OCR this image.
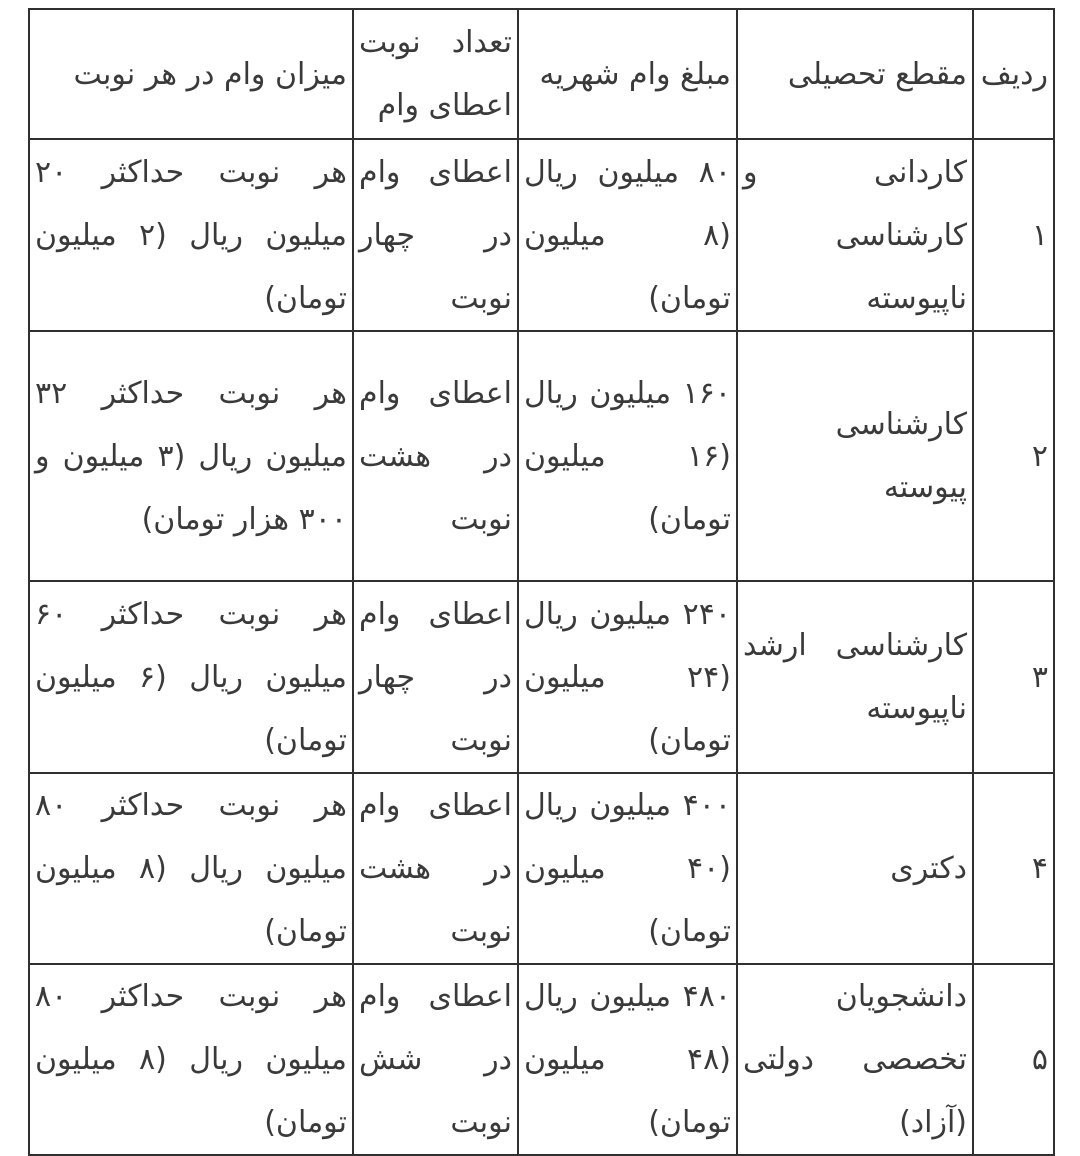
ردیف	مقطع تحصیلی	مبلغ وام شهریه	تعداد نوبت اعطای وام	میزان وام در هر نوبت
۱	کاردانی و کارشناسی ناپیوسته	۸۰ میلیون ریال (۸ میلیون تومان)	اعطای وام در چهار نوبت	هر نوبت حداکثر ۲۰ میلیون ریال (۲ میلیون تومان)
۲	کارشناسی پیوسته	۱۶۰ میلیون ریال (۱۶ میلیون تومان)	اعطای وام در هشت نوبت	هر نوبت حداکثر ۳۲ میلیون ریال (۳ میلیون و ۳۰۰ هزار تومان)
۳	کارشناسی ارشد ناپیوسته	۲۴۰ میلیون ریال (۲۴ میلیون تومان)	اعطای وام در چهار نوبت	هر نوبت حداکثر ۶۰ میلیون ریال (۶ میلیون تومان)
۴	دکتری	۴۰۰ میلیون ریال (۴۰ میلیون تومان)	اعطای وام در هشت نوبت	هر نوبت حداکثر ۸۰ میلیون ریال (۸ میلیون تومان)
۵	دانشجویان تخصصی دولتی (آزاد)	۴۸۰ میلیون ریال (۴۸ میلیون تومان)	اعطای وام در شش نوبت	هر نوبت حداکثر ۸۰ میلیون ریال (۸ میلیون تومان)
